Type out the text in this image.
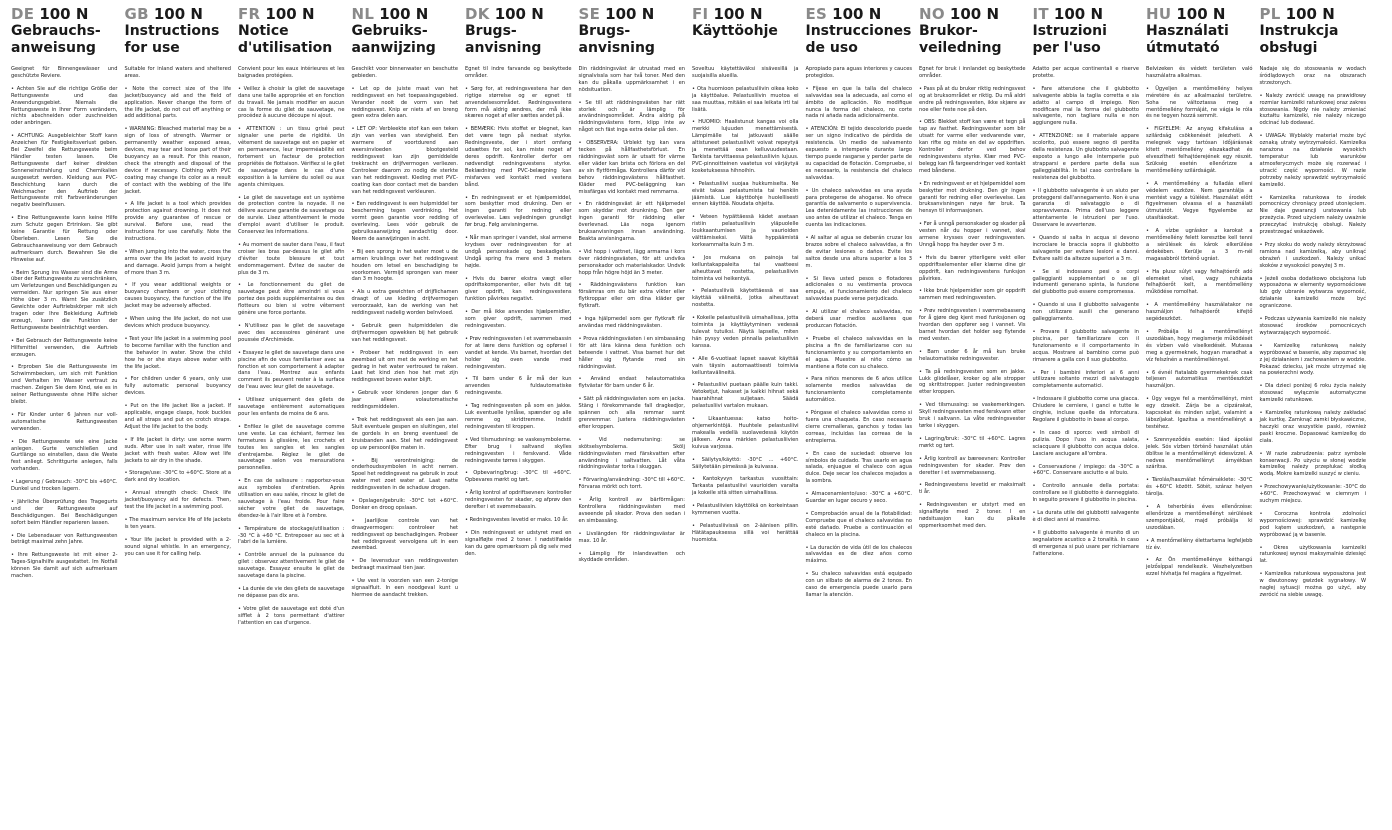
DE 100 N
Gebrauchs-
anweisung

Geeignet für Binnengewässer und geschützte Reviere.

• Achten Sie auf die richtige Größe der Rettungsweste und das Anwendungsgebiet. Niemals die Rettungsweste in Ihrer Form verändern, nichts abschneiden oder zuschneiden oder anbringen.

• ACHTUNG: Ausgebleichter Stoff kann Anzeichen für Festigkeitsverlust geben. Bei Zweifel die Rettungsweste beim Händler testen lassen. Die Rettungsweste darf keiner direkten Sonneneinstrahlung und Chemikalien ausgesetzt werden. Kleidung aus PVC-Beschichtung kann durch die Weichmacher den Auftrieb der Rettungsweste mit Farbveränderungen negativ beeinflussen.

• Eine Rettungsweste kann keine Hilfe zum Schutz gegen Ertrinken. Sie gibt keine Garantie für Rettung oder Überleben. Lesen Sie die Gebrauchsanweisung vor dem Gebrauch aufmerksam durch. Bewahren Sie die Hinweise auf.

• Beim Sprung ins Wasser sind die Arme über der Rettungsweste zu verschränken, um Verletzungen und Beschädigungen zu vermeiden. Nur springen Sie aus einer Höhe über 3 m. Warnt Sie zusätzlich Gewichte oder Auftriebskörper mit sich tragen oder Ihre Bekleidung Auftrieb erzeugt, kann die Funktion der Rettungsweste beeinträchtigt werden.

• Bei Gebrauch der Rettungsweste keine Hilfsmittel verwenden, die Auftrieb erzeugen.

• Erproben Sie die Rettungsweste im Schwimmbecken, um sich mit Funktion und Verhalten im Wasser vertraut zu machen. Zeigen Sie dem Kind, wie es in seiner Rettungsweste ohne Hilfe sicher bleibt.

• Für Kinder unter 6 Jahren nur voll-automatische Rettungswesten verwenden.

• Die Rettungsweste wie eine Jacke anlegen. Gurte verschließen und Gurtlänge so einstellen, dass die Weste fest anliegt. Schrittgurte anlegen, falls vorhanden.

• Lagerung / Gebrauch: -30°C bis +60°C. Dunkel und trocken lagern.

• Jährliche Überprüfung des Tragegurts und der Rettungsweste auf Beschädigungen. Bei Beschädigungen sofort beim Händler reparieren lassen.

• Die Lebensdauer von Rettungswesten beträgt maximal zehn Jahre.

• Ihre Rettungsweste ist mit einer 2-Tages-Signalhilfe ausgestattet. Im Notfall können Sie damit auf sich aufmerksam machen.

GB 100 N
Instructions
for use

Suitable for inland waters and sheltered areas.

• Note the correct size of the life jacket/buoyancy aid and the field of application. Never change the form of the life jacket, do not cut off anything or add additional parts.

• WARNING: Bleached material may be a sign of loss of strength. Warmer or permanently weather exposed areas, devices, may tear and loose part of their buoyancy as a result. For this reason, check the strength and disposal of the device if necessary. Clothing with PVC coating may change its color as a result of contact with the webbing of the life jacket.

• A life jacket is a tool which provides protection against drowning. It does not provide any guarantee of rescue or survival. Before use, read the instructions for use carefully. Note the instructions.

• When jumping into the water, cross the arms over the life jacket to avoid injury and damage. Avoid jumps from a height of more than 3 m.

• If you wear additional weights or buoyancy chambers or your clothing causes buoyancy, the function of the life jacket may be adversely affected.

• When using the life jacket, do not use devices which produce buoyancy.

• Test your life jacket in a swimming pool to become familiar with the function and the behavior in water. Show the child how he or she stays above water with the life jacket.

• For children under 6 years, only use fully automatic personal buoyancy devices.

• Put on the life jacket like a jacket. If applicable, engage clasps, hook buckles and all straps and put on crotch straps. Adjust the life jacket to the body.

• If life jacket is dirty: use some warm suds. After use in salt water, rinse life jacket with fresh water. Allow wet life jackets to air dry in the shade.

• Storage/use: -30°C to +60°C. Store at a dark and dry location.

• Annual strength check: Check life jacket/buoyancy aid for defects. Then, test the life jacket in a swimming pool.

• The maximum service life of life jackets is ten years.

• Your life jacket is provided with a 2-sound signal whistle. In an emergency, you can use it for calling help.

FR 100 N
Notice
d'utilisation

Convient pour les eaux intérieures et les baignades protégées.

• Veillez à choisir la gilet de sauvetage dans une taille appropriée et en fonction du travail. Ne jamais modifier en aucun cas la forme du gilet de sauvetage, ne procédez à aucune découpe ni ajout.

• ATTENTION : un tissu grisé peut signaler une perte de rigidité. Un vêtement de sauvetage est en papier et en permanence, leur imperméabilité est fortement un facteur de protection propriétés de flottaison. Vérifiez si le gilet de sauvetage dans le cas d'une exposition à la lumière du soleil ou aux agents chimiques.

• Le gilet de sauvetage est un système de protection contre la noyade. Il ne délivre aucune garantie de sauvetage ou de survie. Lisez attentivement le mode d'emploi avant d'utiliser le produit. Conservez les informations.

• Au moment de sauter dans l'eau, il faut croiser les bras par-dessus le gilet afin d'éviter toute blessure et tout endommagement. Évitez de sauter de plus de 3 m.

• Le fonctionnement du gilet de sauvetage peut être amoindri si vous portez des poids supplémentaires ou des flotteurs ou bien si votre vêtement génère une force portante.

• N'utilisez pas le gilet de sauvetage avec des accessoires générant une poussée d'Archimède.

• Essayez le gilet de sauvetage dans une piscine afin de vous familiariser avec sa fonction et son comportement à adapter dans l'eau. Montrez aux enfants comment ils peuvent rester à la surface de l'eau avec leur gilet de sauvetage.

• Utilisez uniquement des gilets de sauvetage entièrement automatiques pour les enfants de moins de 6 ans.

• Enfilez le gilet de sauvetage comme une veste. Le cas échéant, fermez les fermetures à glissière, les crochets et toutes les sangles et les sangles d'entrejambe. Réglez le gilet de sauvetage selon vos mensurations personnelles.

• En cas de salissure : rapportez-vous aux symboles d'entretien. Après utilisation en eau salée, rincez le gilet de sauvetage à l'eau froide. Pour faire sécher votre gilet de sauvetage, étendez-le à l'air libre et à l'ombre.

• Température de stockage/utilisation : -30 °C à +60 °C. Entreposer au sec et à l'abri de la lumière.

• Contrôle annuel de la puissance du gilet : observez attentivement le gilet de sauvetage. Essayez ensuite le gilet de sauvetage dans la piscine.

• La durée de vie des gilets de sauvetage ne dépasse pas dix ans.

• Votre gilet de sauvetage est doté d'un sifflet à 2 tons permettant d'attirer l'attention en cas d'urgence.

NL 100 N
Gebruiks-
aanwijzing

Geschikt voor binnenwater en beschutte gebieden.

• Let op de juiste maat van het reddingsvest en het toepassingsgebied. Verander nooit de vorm van het reddingsvest. Knip er niets af en breng geen extra delen aan.

• LET OP: Verbleekte stof kan een teken zijn van verlies van stevigheid. Een warmere of voortdurend aan weersinvloeden blootgesteld reddingsvest kan zijn gemiddelde trekkracht en drijfvermogen verliezen. Controleer daarom zo nodig de sterkte van het reddingsvest. Kleding met PVC-coating kan door contact met de banden van het reddingsvest verkleuren.

• Een reddingsvest is een hulpmiddel ter bescherming tegen verdrinking. Het vormt geen garantie voor redding of overleving. Lees vóór gebruik de gebruiksaanwijzing aandachtig door. Neem de aanwijzingen in acht.

• Bij een sprong in het water moet u de armen kruislings over het reddingsvest houden om letsel en beschadiging te voorkomen. Vermijd sprongen van meer dan 3 m hoogte.

• Als u extra gewichten of drijflichamen draagt of uw kleding drijfvermogen veroorzaakt, kan de werking van het reddingsvest nadelig worden beïnvloed.

• Gebruik geen hulpmiddelen die drijfvermogen opwekken bij het gebruik van het reddingsvest.

• Probeer het reddingsvest in een zwembad uit om met de werking en het gedrag in het water vertrouwd te raken. Laat het kind zien hoe het met zijn reddingsvest boven water blijft.

• Gebruik voor kinderen jonger dan 6 jaar alleen volautomatische reddingsmiddelen.

• Trek het reddingsvest als een jas aan. Sluit eventuele gespen en sluitingen, stel de gordels in en breng eventueel de kruisbanden aan. Stel het reddingsvest op uw persoonlijke maten in.

• Bij verontreiniging: de onderhoudssymbolen in acht nemen. Spoel het reddingsvest na gebruik in zout water met zoet water af. Laat natte reddingsvesten in de schaduw drogen.

• Opslagen/gebruik: -30°C tot +60°C. Donker en droog opslaan.

• Jaarlijkse controle van het draagvermogen: controleer het reddingsvest op beschadigingen. Probeer het reddingsvest vervolgens uit in een zwembad.

• De levensduur van reddingsvesten bedraagt maximaal tien jaar.

• Uw vest is voorzien van een 2-tonige signaalfluit. In een noodgeval kunt u hiermee de aandacht trekken.

DK 100 N
Brugs-
anvisning

Egnet til indre farvande og beskyttede områder.

• Sørg for, at redningsvestens har den rigtige størrelse og er egnet til anvendelsesområdet. Redningsvestens form må aldrig ændres, der må ikke skæres noget af eller sættes andet på.

• BEMÆRK: Hvis stoffet er blegnet, kan det være tegn på nedsat styrke. Redningsveste, der i stort omfang udsættes for sol, kan miste noget af deres opdrift. Kontroller derfor om nødvendigt redningsvestens styrke. Beklædning med PVC-belægning kan misfarves ved kontakt med vestens bånd.

• En redningsvest er et hjælpemiddel, som beskytter mod drukning. Den er ingen garanti for redning eller overlevelse. Læs vejledningen grundigt før brug. Følg anvisningerne.

• Når man springer i vandet, skal armene krydses over redningsvesten for at undgå personskade og beskadigelse. Undgå spring fra mere end 3 meters højde.

• Hvis du bærer ekstra vægt eller opdriftskomponenter, eller hvis dit tøj giver opdrift, kan redningsvestens funktion påvirkes negativt.

• Der må ikke anvendes hjælpemidler, som giver opdrift, sammen med redningsvesten.

• Prøv redningsvesten i et svømmebassin for at lære dens funktion og opførsel i vandet at kende. Vis barnet, hvordan det holder sig oven vande med redningsvesten.

• Til børn under 6 år må der kun anvendes fuldautomatiske redningsveste.

• Tag redningsvesten på som en jakke. Luk eventuelle lynlåse, spænder og alle remme og skridtremme. Indstil redningsvesten til kroppen.

• Ved tilsmudsning: se vaskesymbolerne. Efter brug i saltvand skylles redningsvesten i ferskvand. Våde redningsveste tørres i skyggen.

• Opbevaring/brug: -30°C til +60°C. Opbevares mørkt og tørt.

• Årlig kontrol af opdriftsevnen: kontroller redningsvesten for skader, og afprøv den derefter i et svømmebassin.

• Redningsvestes levetid er maks. 10 år.

• Din redningsvest er udstyret med en signalfløjte med 2 toner. I nødstilfælde kan du gøre opmærksom på dig selv med den.

SE 100 N
Brugs-
anvisning

Din räddningsväst är utrustad med en signalvissla som har två toner. Med den kan du påkalla uppmärksamhet i en nödsituation.

• Se till att räddningsvästen har rätt storlek och är lämplig för användningsområdet. Ändra aldrig på räddningsvästens form, klipp inte av något och fäst inga extra delar på den.

• OBSERVERA: Urblekt tyg kan vara tecken på hållfasthetsförlust. En räddningsväst som är utsatt för värme eller väder kan brista och förlora en del av sin flytförmåga. Kontrollera därför vid behov räddningsvästens hållfasthet. Kläder med PVC-beläggning kan missfärgas vid kontakt med remmarna.

• En räddningsväst är ett hjälpmedel som skyddar mot drunkning. Den ger ingen garanti för räddning eller överlevnad. Läs noga igenom bruksanvisningen innan användning. Beakta anvisningarna.

• Vid hopp i vattnet, lägg armarna i kors över räddningsvästen, för att undvika personskador och materialskador. Undvik hopp från högre höjd än 3 meter.

• Räddningsvästens funktion kan försämras om du bär extra vikter eller flytkroppar eller om dina kläder ger flytkraft.

• Inga hjälpmedel som ger flytkraft får användas med räddningsvästen.

• Prova räddningsvästen i en simbassäng för att lära känna dess funktion och beteende i vattnet. Visa barnet hur det håller sig flytande med sin räddningsväst.

• Använd endast helautomatiska flytvästar för barn under 6 år.

• Sätt på räddningsvästen som en jacka. Stäng i förekommande fall dragkedjor, spännen och alla remmar samt grenremmar. Justera räddningsvästen efter kroppen.

• Vid nedsmutsning: se skötselsymbolerna. Skölj räddningsvästen med färskvatten efter användning i saltvatten. Låt våta räddningsvästar torka i skuggan.

• Förvaring/användning: -30°C till +60°C. Förvaras mörkt och torrt.

• Årlig kontroll av bärförmågan: Kontrollera räddningsvästen med avseende på skador. Prova den sedan i en simbassäng.

• Livslängden för räddningsvästar är max. 10 år.

• Lämplig för inlandsvatten och skyddade områden.

FI 100 N
Käyttöohje

Soveltuu käytettäväksi sisävesillä ja suojaisilla alueilla.

• Ota huomioon pelastusliivin oikea koko ja käyttöalue. Pelastusliivin muotoa ei saa muuttaa, mitään ei saa leikata irti tai lisätä.

• HUOMIO: Haalistunut kangas voi olla merkki lujuuden menettämisestä. Lämpimälle tai jatkuvasti säälle altistuneet pelastusliivit voivat repeytyä ja menettää osan kelluvuudestaan. Tarkista tarvittaessa pelastusliivin lujuus. PVC-pinnoitteinen vaatetus voi värjäytyä kosketuksessa hihnoihin.

• Pelastusliivi suojaa hukkumiselta. Ne eivät takaa pelastumista tai henkiin jäämistä. Lue käyttöohje huolellisesti ennen käyttöä. Noudata ohjeita.

• Veteen hypättäessä kädet asetaan ristiin pelastusliivin yläpuolelle loukkaantumisen ja vaurioiden välttämiseksi. Vältä hyppäämistä korkeammalta kuin 3 m.

• Jos mukana on painoja tai kelluntakappaleita tai vaatteesi aiheuttavat nostetta, pelastusliivin toiminta voi heikentyä.

• Pelastusliiviä käytettäessä ei saa käyttää välineitä, jotka aiheuttavat nostetta.

• Kokeile pelastusliiviä uimahallissa, jotta toiminta ja käyttäytyminen vedessä tulevat tutuiksi. Näytä lapselle, miten hän pysyy veden pinnalla pelastusliivin kanssa.

• Alle 6-vuotiaat lapset saavat käyttää vain täysin automaattisesti toimivia kelluntavälineitä.

• Pelastusliivi puetaan päälle kuin takki. Vetoketjut, hakaset ja kaikki hihnat sekä haarahihnat suljetaan. Säädä pelastusliivi vartalon mukaan.

• Likaantuessa: katso hoito-ohjemerkintöjä. Huuhtele pelastusliivi makealla vedellä suolavedessä käytön jälkeen. Anna märkien pelastusliivien kuivua varjossa.

• Säilytys/käyttö: -30°C ... +60°C. Säilytetään pimeässä ja kuivassa.

• Kantokyvyn tarkastus vuosittain: Tarkasta pelastusliivi vaurioiden varalta ja kokeile sitä sitten uimahallissa.

• Pelastusliivien käyttöikä on korkeintaan kymmenen vuotta.

• Pelastusliivissä on 2-äänisen pillin. Hätätapauksessa sillä voi herättää huomiota.

ES 100 N
Instrucciones
de uso

Apropiado para aguas interiores y cauces protegidos.

• Fíjese en que la talla del chaleco salvavidas sea la adecuada, así como el ámbito de aplicación. No modifique nunca la forma del chaleco, no corte nada ni añada nada adicionalmente.

• ATENCIÓN: El tejido descolorido puede ser un signo indicativo de pérdida de resistencia. Un medio de salvamento expuesto a intemperie durante largo tiempo puede rasgarse y perder parte de su capacidad de flotación. Compruebe, si es necesario, la resistencia del chaleco salvavidas.

• Un chaleco salvavidas es una ayuda para protegerse de ahogarse. No ofrece garantía de salvamento o supervivencia. Lea detenidamente las instrucciones de uso antes de utilizar el chaleco. Tenga en cuenta las indicaciones.

• Al saltar al agua se deberán cruzar los brazos sobre el chaleco salvavidas, a fin de evitar lesiones o daños. Evite los saltos desde una altura superior a los 3 m.

• Si lleva usted pesos o flotadores adicionales o su vestimenta provoca empuje, el funcionamiento del chaleco salvavidas puede verse perjudicado.

• Al utilizar el chaleco salvavidas, no deberá usar medios auxiliares que produzcan flotación.

• Pruebe el chaleco salvavidas en la piscina a fin de familiarizarse con su funcionamiento y su comportamiento en el agua. Muestre al niño cómo se mantiene a flote con su chaleco.

• Para niños menores de 6 años utilice solamente medios salvavidas de funcionamiento completamente automático.

• Póngase el chaleco salvavidas como si fuera una chaqueta. En caso necesario cierre cremalleras, ganchos y todas las correas, incluidas las correas de la entrepierna.

• En caso de suciedad: observe los símbolos de cuidado. Tras usarlo en agua salada, enjuague el chaleco con agua dulce. Deje secar los chalecos mojados a la sombra.

• Almacenamiento/uso: -30°C a +60°C. Guardar en lugar oscuro y seco.

• Comprobación anual de la flotabilidad: Compruebe que el chaleco salvavidas no esté dañado. Pruebe a continuación el chaleco en la piscina.

• La duración de vida útil de los chalecos salvavidas es de diez años como máximo.

• Su chaleco salvavidas está equipado con un silbato de alarma de 2 tonos. En caso de emergencia puede usarlo para llamar la atención.

NO 100 N
Brukor-
veiledning

Egnet for bruk i innlandet og beskyttede områder.

• Pass på at du bruker riktig redningsvest og at bruksområdet er riktig. Du må aldri endre på redningsvesten, ikke skjære av noe eller feste noe på den.

• OBS: Blekket stoff kan være et tegn på tap av fasthet. Redningsvester som blir utsatt for varme eller vedvarende vær, kan rifte og miste en del av oppdriften. Kontroller derfor ved behov redningsvestens styrke. Klær med PVC-belegg kan få fargeendringer ved kontakt med båndene.

• En redningsvest er et hjelpemiddel som beskytter mot drukning. Den gir ingen garanti for redning eller overlevelse. Les bruksanvisningen nøye før bruk. Ta hensyn til informasjonen.

• Før å unngå personskader og skader på vesten når du hopper i vannet, skal armene krysses over redningsvesten. Unngå hopp fra høyder over 3 m.

• Hvis du bærer ytterligere vekt eller oppdriftselementer eller klærne dine gir oppdrift, kan redningsvestens funksjon påvirkes.

• Ikke bruk hjelpemidler som gir oppdrift sammen med redningsvesten.

• Prøv redningsvesten i svømmebasseng for å gjøre deg kjent med funksjonen og hvordan den oppfører seg i vannet. Vis barnet hvordan det holder seg flytende med vesten.

• Barn under 6 år må kun bruke helautomatiske redningsvester.

• Ta på redningsvesten som en jakke. Lukk glidelåser, kroker og alle stropper og skrittstropper. Juster redningsvesten etter kroppen.

• Ved tilsmussing: se vaskemerkingen. Skyll redningsvesten med ferskvann etter bruk i saltvann. La våte redningsvester tørke i skyggen.

• Lagring/bruk: -30°C til +60°C. Lagres mørkt og tørt.

• Årlig kontroll av bæreevnen: Kontroller redningsvesten for skader. Prøv den deretter i et svømmebasseng.

• Redningsvestens levetid er maksimalt ti år.

• Redningsvesten er utstyrt med en signalfløyte med 2 toner. I en nødsituasjon kan du påkalle oppmerksomhet med den.

IT 100 N
Istruzioni
per l'uso

Adatto per acque continentali e riserve protette.

• Fare attenzione che il giubbotto salvagente abbia la taglia corretta e sia adatto al campo di impiego. Non modificare mai la forma del giubbotto salvagente, non tagliare nulla e non aggiungere nulla.

• ATTENZIONE: se il materiale appare scolorito, può essere segno di perdita della resistenza. Un giubbotto salvagente esposto a lungo alle intemperie può strapparsi e perdere parte della sua galleggiabilità. In tal caso controllare la resistenza del giubbotto.

• Il giubbotto salvagente è un aiuto per proteggersi dall'annegamento. Non è una garanzia di salvataggio o di sopravvivenza. Prima dell'uso leggere attentamente le istruzioni per l'uso. Osservare le avvertenze.

• Quando si salta in acqua si devono incrociare le braccia sopra il giubbotto salvagente per evitare lesioni e danni. Evitare salti da altezze superiori a 3 m.

• Se si indossano pesi o corpi galleggianti supplementari o se gli indumenti generano spinta, la funzione del giubbotto può essere compromessa.

• Quando si usa il giubbotto salvagente non utilizzare ausili che generano galleggiamento.

• Provare il giubbotto salvagente in piscina, per familiarizzare con il funzionamento e il comportamento in acqua. Mostrare al bambino come può rimanere a galla con il suo giubbotto.

• Per i bambini inferiori ai 6 anni utilizzare soltanto mezzi di salvataggio completamente automatici.

• Indossare il giubbotto come una giacca. Chiudere le cerniere, i ganci e tutte le cinghie, incluse quelle da inforcatura. Regolare il giubbotto in base al corpo.

• In caso di sporco: vedi simboli di pulizia. Dopo l'uso in acqua salata, sciacquare il giubbotto con acqua dolce. Lasciare asciugare all'ombra.

• Conservazione / impiego: da -30°C a +60°C. Conservare asciutto e al buio.

• Controllo annuale della portata: controllare se il giubbotto è danneggiato. In seguito provare il giubbotto in piscina.

• La durata utile dei giubbotti salvagente è di dieci anni al massimo.

• Il giubbotto salvagente è munito di un segnalatore acustico a 2 tonalità. In caso di emergenza si può usare per richiamare l'attenzione.

HU 100 N
Használati
útmutató

Belvizeken és védett területen való használatra alkalmas.

• Ügyeljen a mentőmellény helyes méretére és az alkalmazási területre. Soha ne változtassa meg a mentőmellény formáját, ne vágja le róla és ne tegyen hozzá semmit.

• FIGYELEM: Az anyag kifakulása a szilárdság csökkenését jelezheti. A melegnek vagy tartósan időjárásnak kitett mentőmellény elszakadhat és elveszítheti felhajtóerejének egy részét. Szükség esetén ellenőrizze a mentőmellény szilárdságát.

• A mentőmellény a fulladás elleni védelem eszköze. Nem garantálja a mentést vagy a túlélést. Használat előtt figyelmesen olvassa el a használati útmutatót. Vegye figyelembe az utasításokat.

• A vízbe ugráskor a karokat a mentőmellény felett keresztbe kell tenni a sérülések és károk elkerülése érdekében. Kerülje a 3 m-nél magasabbról történő ugrást.

• Ha plusz súlyt vagy felhajtóerőt adó elemeket visel, vagy ruházata felhajtóerőt kelt, a mentőmellény működése romolhat.

• A mentőmellény használatakor ne használjon felhajtóerőt kifejtő segédeszközt.

• Próbálja ki a mentőmellényt uszodában, hogy megismerje működését és vízben való viselkedését. Mutassa meg a gyermeknek, hogyan maradhat a víz felszínén a mentőmellénnyel.

• 6 évnél fiatalabb gyermekeknek csak teljesen automatikus mentőeszközt használjon.

• Úgy vegye fel a mentőmellényt, mint egy dzsekit. Zárja be a cipzárakat, kapcsokat és minden szíjat, valamint a lábszíjakat. Igazítsa a mentőmellényt a testéhez.

• Szennyeződés esetén: lásd ápolási jelek. Sós vízben történő használat után öblítse le a mentőmellényt édesvízzel. A nedves mentőmellényt árnyékban szárítsa.

• Tárolás/használat hőmérséklete: -30°C és +60°C között. Sötét, száraz helyen tárolja.

• A teherbírás éves ellenőrzése: ellenőrizze a mentőmellényt sérülések szempontjából, majd próbálja ki uszodában.

• A mentőmellény élettartama legfeljebb tíz év.

• Az Ön mentőmellénye kéthangú jelzősíppal rendelkezik. Vészhelyzetben ezzel hívhatja fel magára a figyelmet.

PL 100 N
Instrukcja
obsługi

Nadaje się do stosowania w wodach śródlądowych oraz na obszarach strzeżonych.

• Należy zwrócić uwagę na prawidłowy rozmiar kamizelki ratunkowej oraz zakres stosowania. Nigdy nie należy zmieniać kształtu kamizelki, nie należy niczego odcinać lub dodawać.

• UWAGA: Wyblakły materiał może być oznaką utraty wytrzymałości. Kamizelka narażona na działanie wysokich temperatur lub warunków atmosferycznych może się rozerwać i utracić część wyporności. W razie potrzeby należy sprawdzić wytrzymałość kamizelki.

• Kamizelka ratunkowa to środek pomocniczy chroniący przed utonięciem. Nie daje gwarancji uratowania lub przeżycia. Przed użyciem należy uważnie przeczytać instrukcję obsługi. Należy przestrzegać wskazówek.

• Przy skoku do wody należy skrzyżować ramiona nad kamizelką, aby uniknąć obrażeń i uszkodzeń. Należy unikać skoków z wysokości powyżej 3 m.

• Jeżeli osoba dodatkowo obciążona lub wyposażona w elementy wypornościowe lub gdy ubranie wytwarza wyporność, działanie kamizelki może być ograniczone.

• Podczas używania kamizelki nie należy stosować środków pomocniczych wytwarzających wyporność.

• Kamizelkę ratunkową należy wypróbować w basenie, aby zapoznać się z jej działaniem i zachowaniem w wodzie. Pokazać dziecku, jak może utrzymać się na powierzchni wody.

• Dla dzieci poniżej 6 roku życia należy stosować wyłącznie automatyczne kamizelki ratunkowe.

• Kamizelkę ratunkową należy zakładać jak kurtkę. Zamknąć zamki błyskawiczne, haczyki oraz wszystkie paski, również paski kroczne. Dopasować kamizelkę do ciała.

• W razie zabrudzenia: patrz symbole konserwacji. Po użyciu w słonej wodzie kamizelkę należy przepłukać słodką wodą. Mokre kamizelki suszyć w cieniu.

• Przechowywanie/użytkowanie: -30°C do +60°C. Przechowywać w ciemnym i suchym miejscu.

• Coroczna kontrola zdolności wypornościowej: sprawdzić kamizelkę pod kątem uszkodzeń, a następnie wypróbować ją w basenie.

• Okres użytkowania kamizelki ratunkowej wynosi maksymalnie dziesięć lat.

• Kamizelka ratunkowa wyposażona jest w dwutonowy gwizdek sygnałowy. W nagłej sytuacji można go użyć, aby zwrócić na siebie uwagę.
